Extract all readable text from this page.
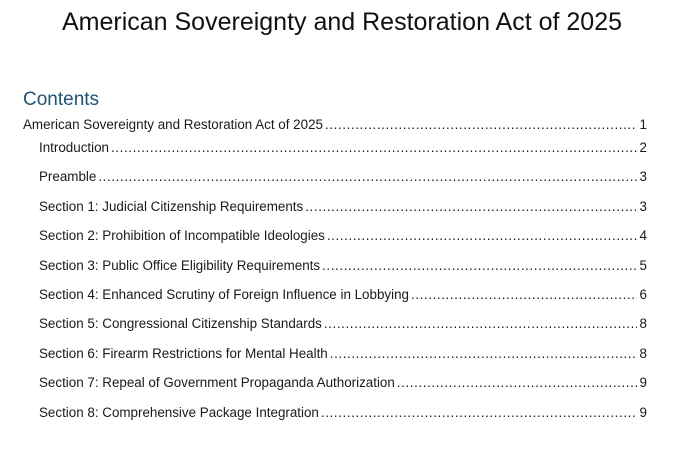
American Sovereignty and Restoration Act of 2025
Contents
American Sovereignty and Restoration Act of 2025 .....	1
Introduction .....	2
Preamble .....	3
Section 1: Judicial Citizenship Requirements .....	3
Section 2: Prohibition of Incompatible Ideologies .....	4
Section 3: Public Office Eligibility Requirements .....	5
Section 4: Enhanced Scrutiny of Foreign Influence in Lobbying .....	6
Section 5: Congressional Citizenship Standards .....	8
Section 6: Firearm Restrictions for Mental Health .....	8
Section 7: Repeal of Government Propaganda Authorization .....	9
Section 8: Comprehensive Package Integration .....	9
